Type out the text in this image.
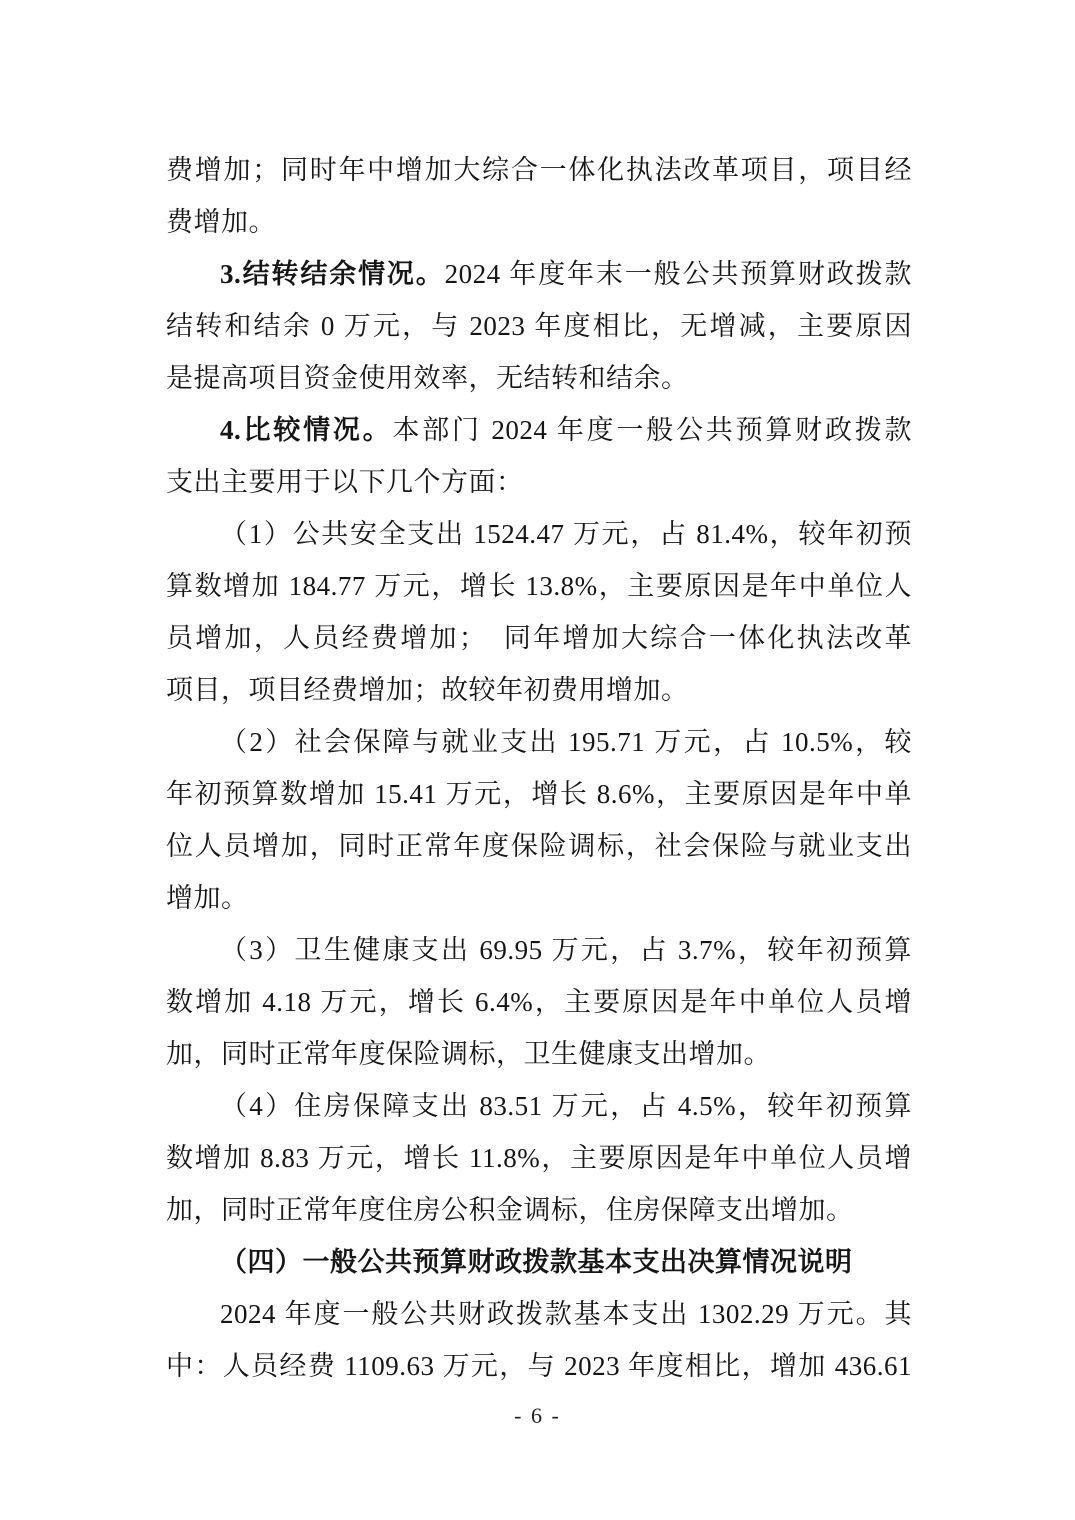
费增加；同时年中增加大综合一体化执法改革项目，项目经
费增加。
3.结转结余情况。2024 年度年末一般公共预算财政拨款
结转和结余 0 万元，与 2023 年度相比，无增减，主要原因
是提高项目资金使用效率，无结转和结余。
4.比较情况。本部门 2024 年度一般公共预算财政拨款
支出主要用于以下几个方面：
（1）公共安全支出 1524.47 万元，占 81.4%，较年初预
算数增加 184.77 万元，增长 13.8%，主要原因是年中单位人
员增加，人员经费增加；　同年增加大综合一体化执法改革
项目，项目经费增加；故较年初费用增加。
（2）社会保障与就业支出 195.71 万元，占 10.5%，较
年初预算数增加 15.41 万元，增长 8.6%，主要原因是年中单
位人员增加，同时正常年度保险调标，社会保险与就业支出
增加。
（3）卫生健康支出 69.95 万元，占 3.7%，较年初预算
数增加 4.18 万元，增长 6.4%，主要原因是年中单位人员增
加，同时正常年度保险调标，卫生健康支出增加。
（4）住房保障支出 83.51 万元，占 4.5%，较年初预算
数增加 8.83 万元，增长 11.8%，主要原因是年中单位人员增
加，同时正常年度住房公积金调标，住房保障支出增加。
（四）一般公共预算财政拨款基本支出决算情况说明
2024 年度一般公共财政拨款基本支出 1302.29 万元。其
中：人员经费 1109.63 万元，与 2023 年度相比，增加 436.61
- 6 -
